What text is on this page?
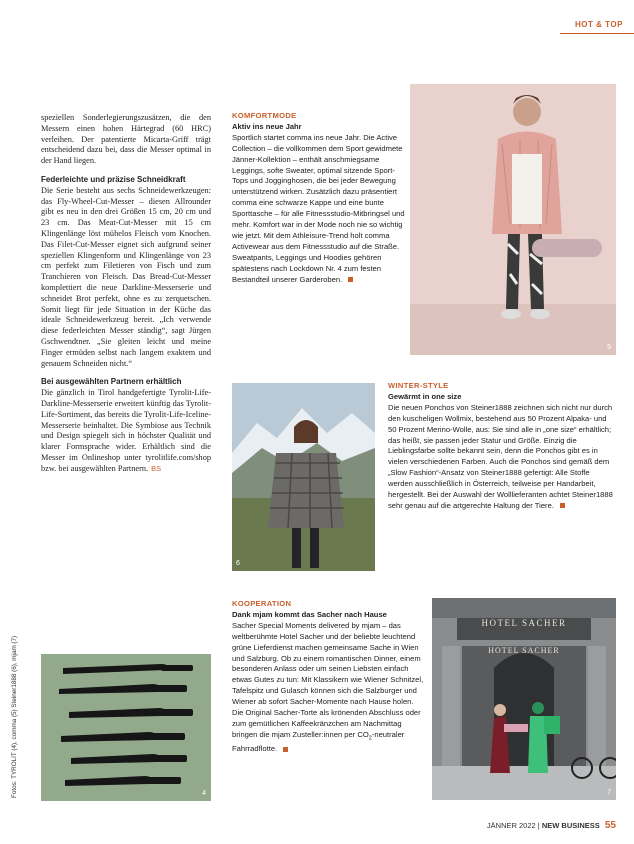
HOT & TOP

speziellen Sonderlegierungszusätzen, die den Messern einen hohen Härtegrad (60 HRC) verleihen. Der patentierte Micarta-Griff trägt entscheidend dazu bei, dass die Messer optimal in der Hand liegen.

Federleichte und präzise Schneidkraft
Die Serie besteht aus sechs Schneidewerkzeugen: das Fly-Wheel-Cut-Messer – diesen Allrounder gibt es neu in den drei Größen 15 cm, 20 cm und 23 cm. Das Meat-Cut-Messer mit 15 cm Klingenlänge löst mühelos Fleisch vom Knochen. Das Filet-Cut-Messer eignet sich aufgrund seiner speziellen Klingenform und Klingenlänge von 23 cm perfekt zum Filetieren von Fisch und zum Tranchieren von Fleisch. Das Bread-Cut-Messer komplettiert die neue Darkline-Messerserie und schneidet Brot perfekt, ohne es zu zerquetschen. Somit liegt für jede Situation in der Küche das ideale Schneidewerkzeug bereit. „Ich verwende diese federleichten Messer ständig“, sagt Jürgen Gschwendtner. „Sie gleiten leicht und meine Finger ermüden selbst nach langem exaktem und genauem Schneiden nicht.“

Bei ausgewählten Partnern erhältlich
Die gänzlich in Tirol handgefertigte Tyrolit-Life-Darkline-Messerserie erweitert künftig das Tyrolit-Life-Sortiment, das bereits die Tyrolit-Life-Iceline-Messerserie beinhaltet. Die Symbiose aus Technik und Design spiegelt sich in höchster Qualität und klarer Formsprache wider. Erhältlich sind die Messer im Onlineshop unter tyrolitlife.com/shop bzw. bei ausgewählten Partnern. BS

4
Fotos: TYROLIT (4), comma (5) Steiner1888 (6), mjam (7)
KOMFORTMODE
Aktiv ins neue Jahr
Sportlich startet comma ins neue Jahr. Die Active Collection – die vollkommen dem Sport gewidmete Jänner-Kollektion – enthält anschmiegsame Leggings, softe Sweater, optimal sitzende Sport-Tops und Jogginghosen, die bei jeder Bewegung unterstützend wirken. Zusätzlich dazu präsentiert comma eine schwarze Kappe und eine bunte Sporttasche – für alle Fitnessstudio-Mitbringsel und mehr. Komfort war in der Mode noch nie so wichtig wie jetzt. Mit dem Athleisure-Trend holt comma Activewear aus dem Fitnessstudio auf die Straße. Sweatpants, Leggings und Hoodies gehören spätestens nach Lockdown Nr. 4 zum festen Bestandteil unserer Garderoben.
5
6
WINTER-STYLE
Gewärmt in one size
Die neuen Ponchos von Steiner1888 zeichnen sich nicht nur durch den kuscheligen Wollmix, bestehend aus 50 Prozent Alpaka- und 50 Prozent Merino-Wolle, aus: Sie sind alle in „one size“ erhältlich; das heißt, sie passen jeder Statur und Größe. Einzig die Lieblingsfarbe sollte bekannt sein, denn die Ponchos gibt es in vielen verschiedenen Farben. Auch die Ponchos sind gemäß dem „Slow Fashion“-Ansatz von Steiner1888 gefertigt: Alle Stoffe werden ausschließlich in Österreich, teilweise per Handarbeit, hergestellt. Bei der Auswahl der Wolllieferanten achtet Steiner1888 sehr genau auf die artgerechte Haltung der Tiere.
KOOPERATION
Dank mjam kommt das Sacher nach Hause
Sacher Special Moments delivered by mjam – das weltberühmte Hotel Sacher und der beliebte leuchtend grüne Lieferdienst machen gemeinsame Sache in Wien und Salzburg. Ob zu einem romantischen Dinner, einem besonderen Anlass oder um seinen Liebsten einfach etwas Gutes zu tun: Mit Klassikern wie Wiener Schnitzel, Tafelspitz und Gulasch können sich die Salzburger und Wiener ab sofort Sacher-Momente nach Hause holen. Die Original Sacher-Torte als krönenden Abschluss oder zum gemütlichen Kaffeekränzchen am Nachmittag bringen die mjam Zusteller:innen per $CO_2$-neutraler Fahrradflotte.
HOTEL SACHER
HOTEL SACHER
7
JÄNNER 2022 | NEW BUSINESS 55
